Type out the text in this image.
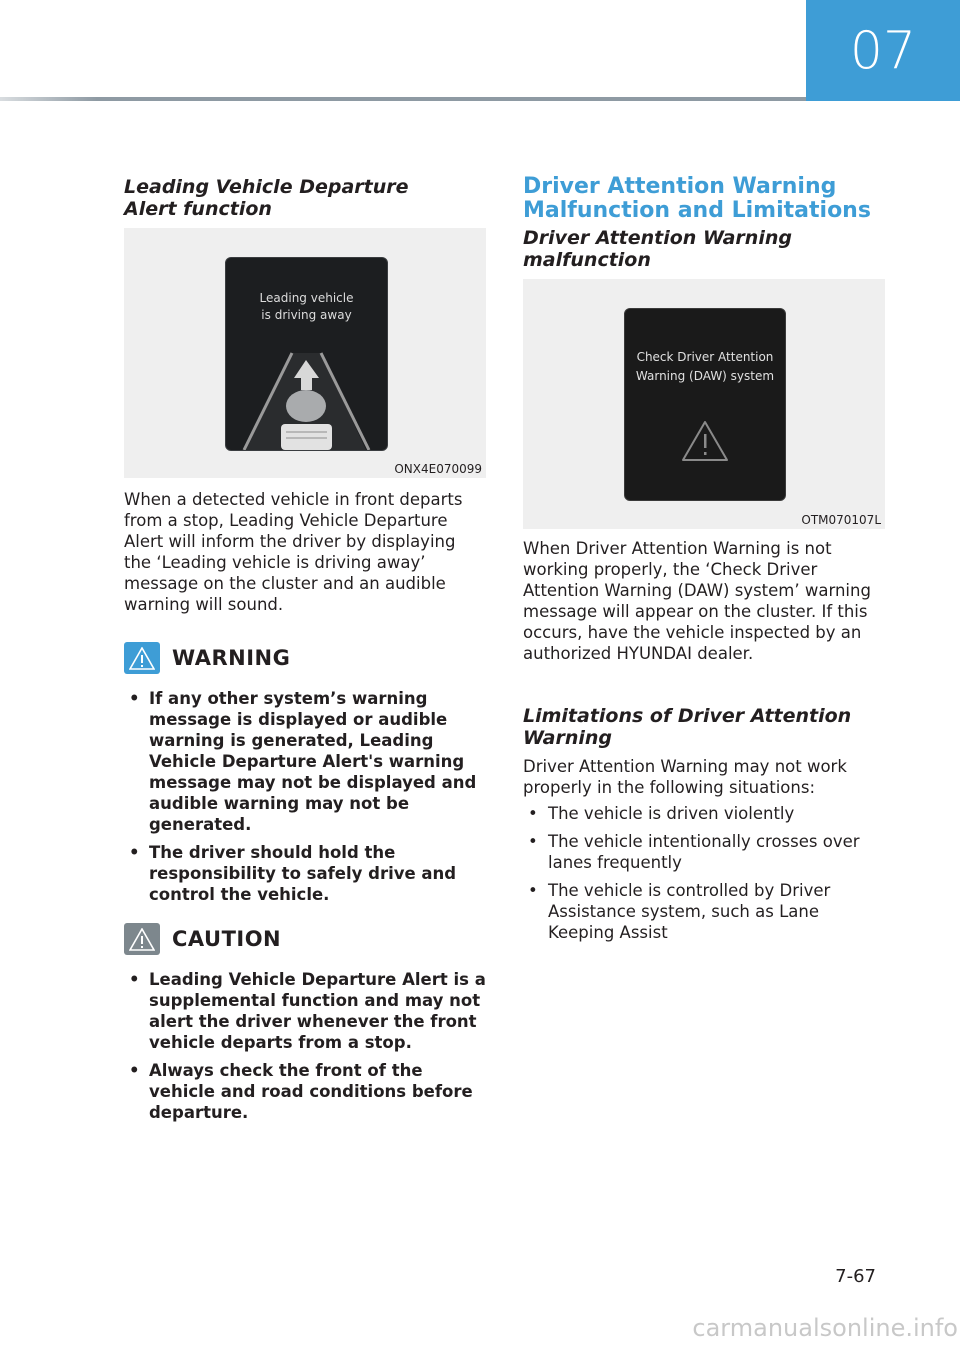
07
Leading Vehicle Departure Alert function
Leading vehicle
is driving away
ONX4E070099

When a detected vehicle in front departs from a stop, Leading Vehicle Departure Alert will inform the driver by displaying the ‘Leading vehicle is driving away’ message on the cluster and an audible warning will sound.

WARNING
• If any other system’s warning message is displayed or audible warning is generated, Leading Vehicle Departure Alert's warning message may not be displayed and audible warning may not be generated.
• The driver should hold the responsibility to safely drive and control the vehicle.
CAUTION
• Leading Vehicle Departure Alert is a supplemental function and may not alert the driver whenever the front vehicle departs from a stop.
• Always check the front of the vehicle and road conditions before departure.
Driver Attention Warning Malfunction and Limitations
Driver Attention Warning malfunction
Check Driver Attention
Warning (DAW) system
OTM070107L

When Driver Attention Warning is not working properly, the ‘Check Driver Attention Warning (DAW) system’ warning message will appear on the cluster. If this occurs, have the vehicle inspected by an authorized HYUNDAI dealer.

Limitations of Driver Attention Warning

Driver Attention Warning may not work properly in the following situations:

• The vehicle is driven violently
• The vehicle intentionally crosses over lanes frequently
• The vehicle is controlled by Driver Assistance system, such as Lane Keeping Assist
7-67
carmanualsonline.info
